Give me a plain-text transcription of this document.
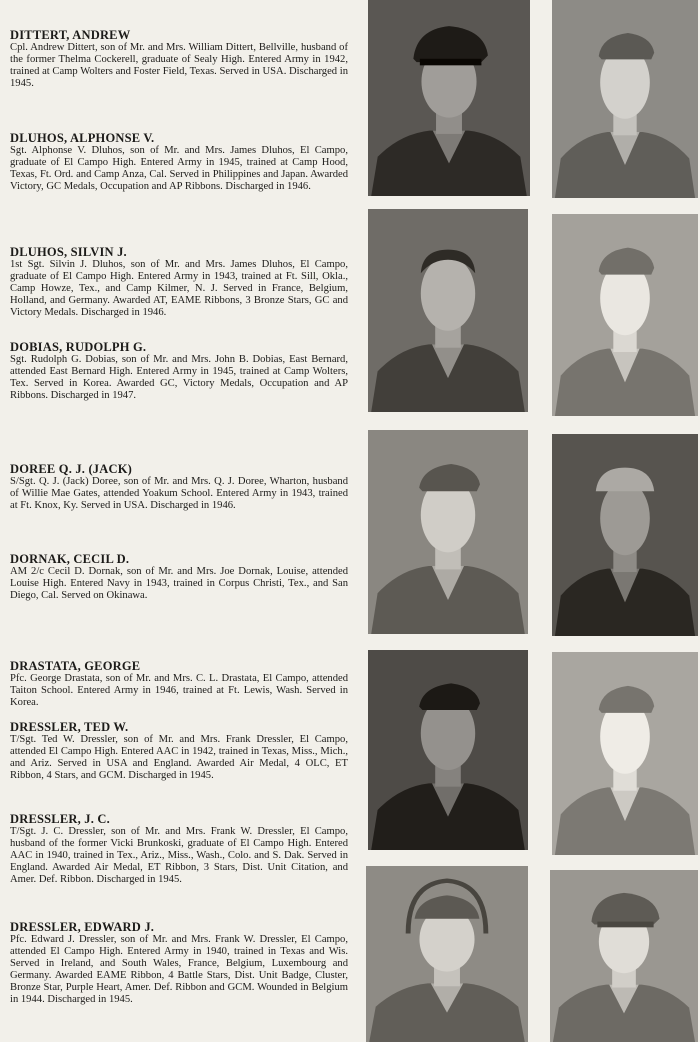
DITTERT, ANDREW

Cpl. Andrew Dittert, son of Mr. and Mrs. William Dittert, Bellville, husband of the former Thelma Cockerell, graduate of Sealy High. Entered Army in 1942, trained at Camp Wolters and Foster Field, Texas. Served in USA. Discharged in 1945.

DLUHOS, ALPHONSE V.

Sgt. Alphonse V. Dluhos, son of Mr. and Mrs. James Dluhos, El Campo, graduate of El Campo High. Entered Army in 1945, trained at Camp Hood, Texas, Ft. Ord. and Camp Anza, Cal. Served in Philippines and Japan. Awarded Victory, GC Medals, Occupation and AP Ribbons. Discharged in 1946.

DLUHOS, SILVIN J.

1st Sgt. Silvin J. Dluhos, son of Mr. and Mrs. James Dluhos, El Campo, graduate of El Campo High. Entered Army in 1943, trained at Ft. Sill, Okla., Camp Howze, Tex., and Camp Kilmer, N. J. Served in France, Belgium, Holland, and Germany. Awarded AT, EAME Ribbons, 3 Bronze Stars, GC and Victory Medals. Discharged in 1946.

DOBIAS, RUDOLPH G.

Sgt. Rudolph G. Dobias, son of Mr. and Mrs. John B. Dobias, East Bernard, attended East Bernard High. Entered Army in 1945, trained at Camp Wolters, Tex. Served in Korea. Awarded GC, Victory Medals, Occupation and AP Ribbons. Discharged in 1947.

DOREE Q. J. (JACK)

S/Sgt. Q. J. (Jack) Doree, son of Mr. and Mrs. Q. J. Doree, Wharton, husband of Willie Mae Gates, attended Yoakum School. Entered Army in 1943, trained at Ft. Knox, Ky. Served in USA. Discharged in 1946.

DORNAK, CECIL D.

AM 2/c Cecil D. Dornak, son of Mr. and Mrs. Joe Dornak, Louise, attended Louise High. Entered Navy in 1943, trained in Corpus Christi, Tex., and San Diego, Cal. Served on Okinawa.

DRASTATA, GEORGE

Pfc. George Drastata, son of Mr. and Mrs. C. L. Drastata, El Campo, attended Taiton School. Entered Army in 1946, trained at Ft. Lewis, Wash. Served in Korea.

DRESSLER, TED W.

T/Sgt. Ted W. Dressler, son of Mr. and Mrs. Frank Dressler, El Campo, attended El Campo High. Entered AAC in 1942, trained in Texas, Miss., Mich., and Ariz. Served in USA and England. Awarded Air Medal, 4 OLC, ET Ribbon, 4 Stars, and GCM. Discharged in 1945.

DRESSLER, J. C.

T/Sgt. J. C. Dressler, son of Mr. and Mrs. Frank W. Dressler, El Campo, husband of the former Vicki Brunkoski, graduate of El Campo High. Entered AAC in 1940, trained in Tex., Ariz., Miss., Wash., Colo. and S. Dak. Served in England. Awarded Air Medal, ET Ribbon, 3 Stars, Dist. Unit Citation, and Amer. Def. Ribbon. Discharged in 1945.

DRESSLER, EDWARD J.

Pfc. Edward J. Dressler, son of Mr. and Mrs. Frank W. Dressler, El Campo, attended El Campo High. Entered Army in 1940, trained in Texas and Wis. Served in Ireland, and South Wales, France, Belgium, Luxembourg and Germany. Awarded EAME Ribbon, 4 Battle Stars, Dist. Unit Badge, Cluster, Bronze Star, Purple Heart, Amer. Def. Ribbon and GCM. Wounded in Belgium in 1944. Discharged in 1945.
